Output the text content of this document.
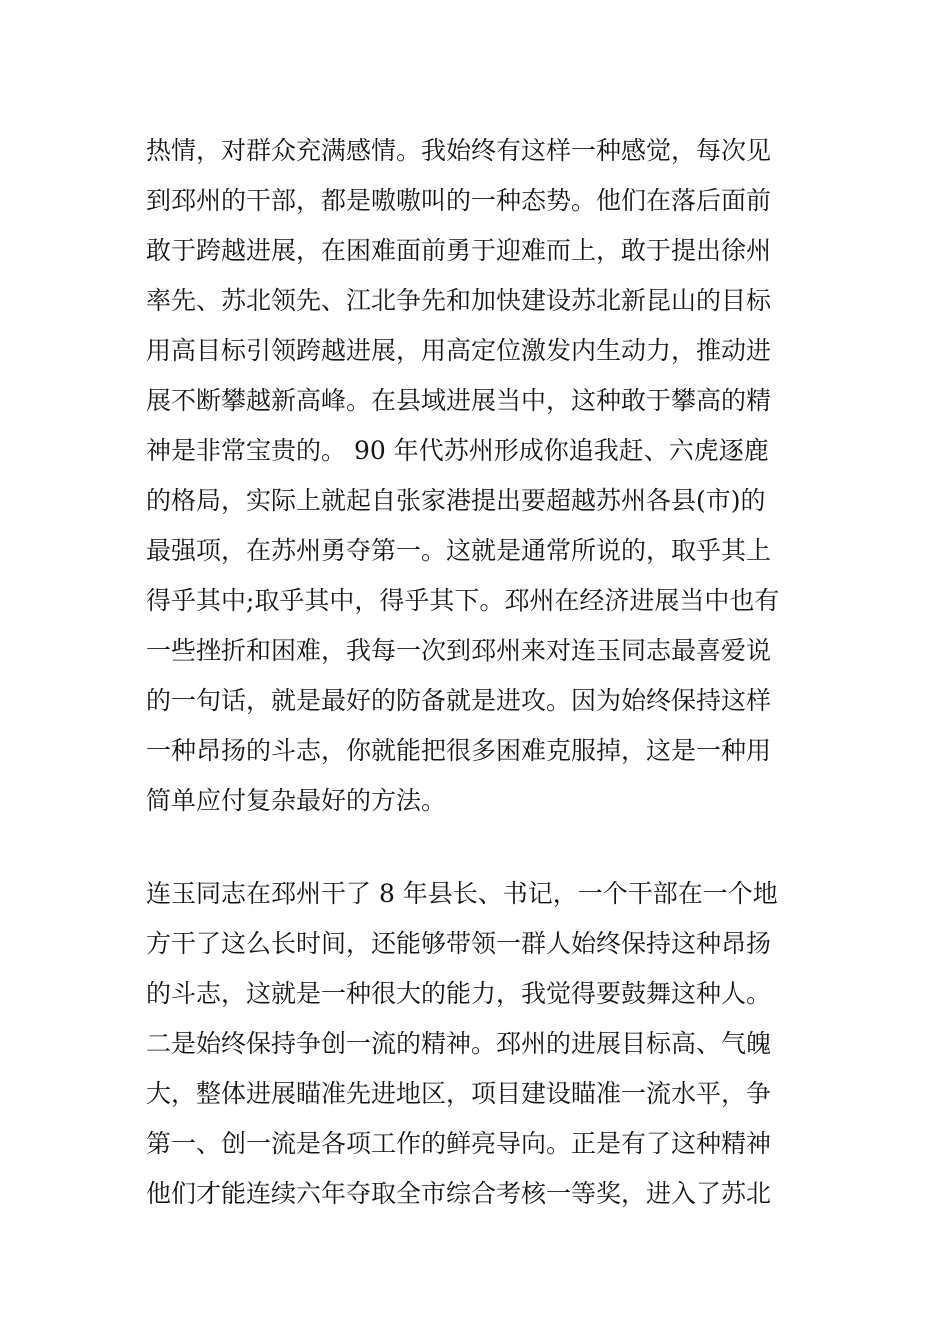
热情，对群众充满感情。我始终有这样一种感觉，每次见
到邳州的干部，都是嗷嗷叫的一种态势。他们在落后面前
敢于跨越进展，在困难面前勇于迎难而上，敢于提出徐州
率先、苏北领先、江北争先和加快建设苏北新昆山的目标
用高目标引领跨越进展，用高定位激发内生动力，推动进
展不断攀越新高峰。在县域进展当中，这种敢于攀高的精
神是非常宝贵的。 90 年代苏州形成你追我赶、六虎逐鹿
的格局，实际上就起自张家港提出要超越苏州各县(市)的
最强项，在苏州勇夺第一。这就是通常所说的，取乎其上
得乎其中;取乎其中，得乎其下。邳州在经济进展当中也有
一些挫折和困难，我每一次到邳州来对连玉同志最喜爱说
的一句话，就是最好的防备就是进攻。因为始终保持这样
一种昂扬的斗志，你就能把很多困难克服掉，这是一种用
简单应付复杂最好的方法。
连玉同志在邳州干了 8 年县长、书记，一个干部在一个地
方干了这么长时间，还能够带领一群人始终保持这种昂扬
的斗志，这就是一种很大的能力，我觉得要鼓舞这种人。
二是始终保持争创一流的精神。邳州的进展目标高、气魄
大，整体进展瞄准先进地区，项目建设瞄准一流水平，争
第一、创一流是各项工作的鲜亮导向。正是有了这种精神
他们才能连续六年夺取全市综合考核一等奖，进入了苏北
